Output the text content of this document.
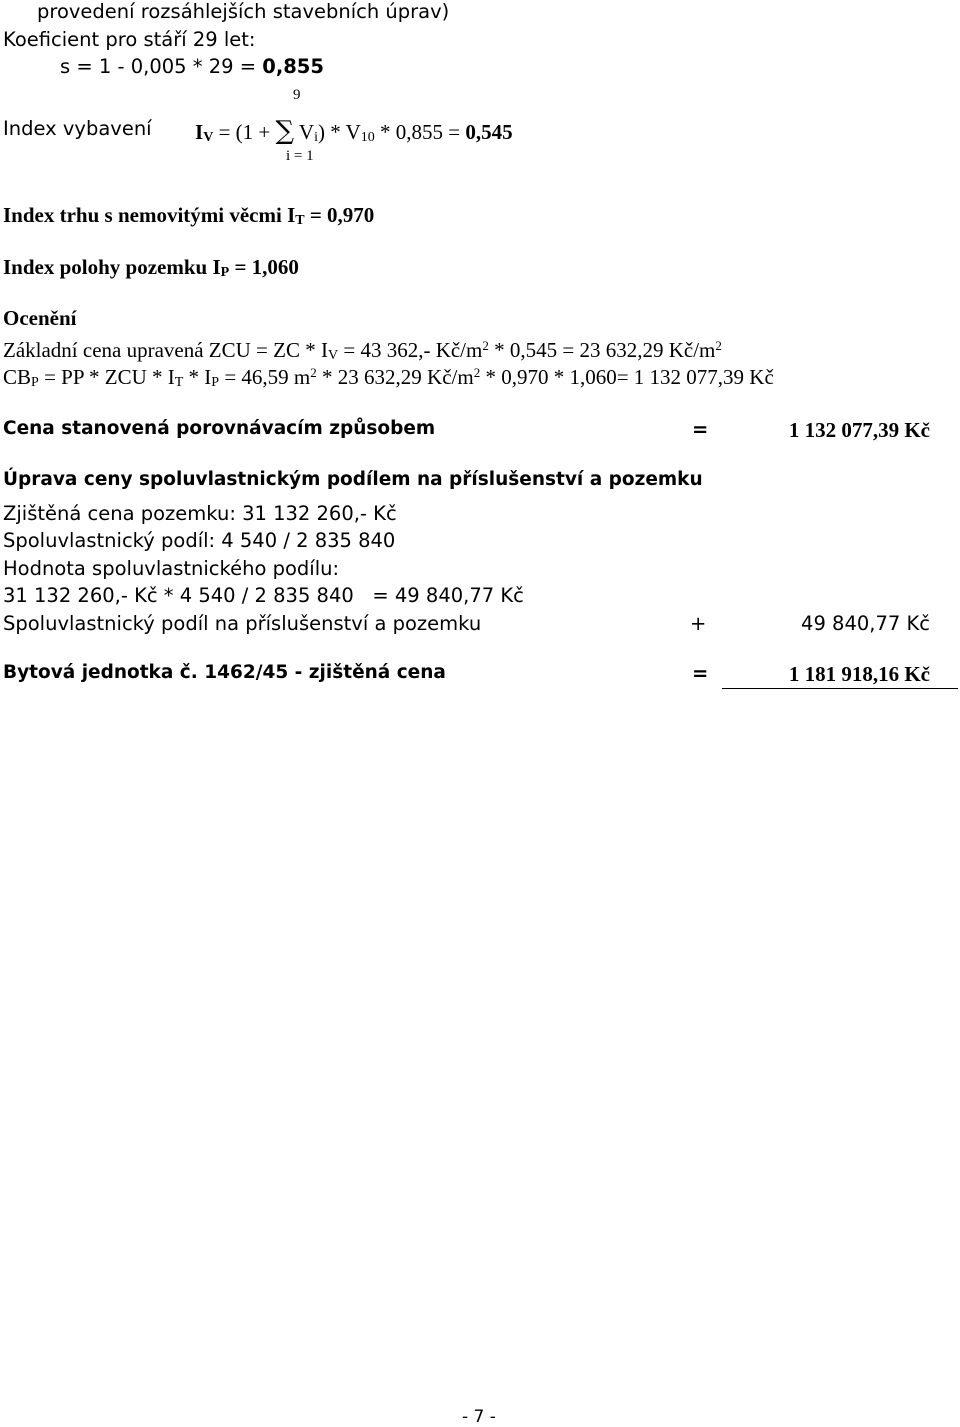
provedení rozsáhlejších stavebních úprav)
Koeficient pro stáří 29 let:
s = 1 - 0,005 * 29 = 0,855
9
Index vybavení $I_V = (1$ + ∑ $V_i) * V_{10} * 0,855 = 0,545$
i = 1
Index trhu s nemovitými věcmi $I_T = 0,970$
Index polohy pozemku $I_P = 1,060$
Ocenění
Základní cena upravená ZCU = ZC * $I_V = 43$ 362,- $Kč/m^2 * 0,545 = 23$ 632,29 $Kč/m^2$
$CB_P$ = PP * ZCU * $I_T * I_P = 46,59$ $m^2 * 23$ 632,29 $Kč/m^2 * 0,970 * 1,060= 1$ 132 077,39 Kč
Cena stanovená porovnávacím způsobem	=	1 132 077,39 Kč
Úprava ceny spoluvlastnickým podílem na příslušenství a pozemku
Zjištěná cena pozemku: 31 132 260,- Kč
Spoluvlastnický podíl: 4 540 / 2 835 840
Hodnota spoluvlastnického podílu:
31 132 260,- Kč * 4 540 / 2 835 840   = 49 840,77 Kč
Spoluvlastnický podíl na příslušenství a pozemku	+	49 840,77 Kč
Bytová jednotka č. 1462/45 - zjištěná cena	=	1 181 918,16 Kč
- 7 -
